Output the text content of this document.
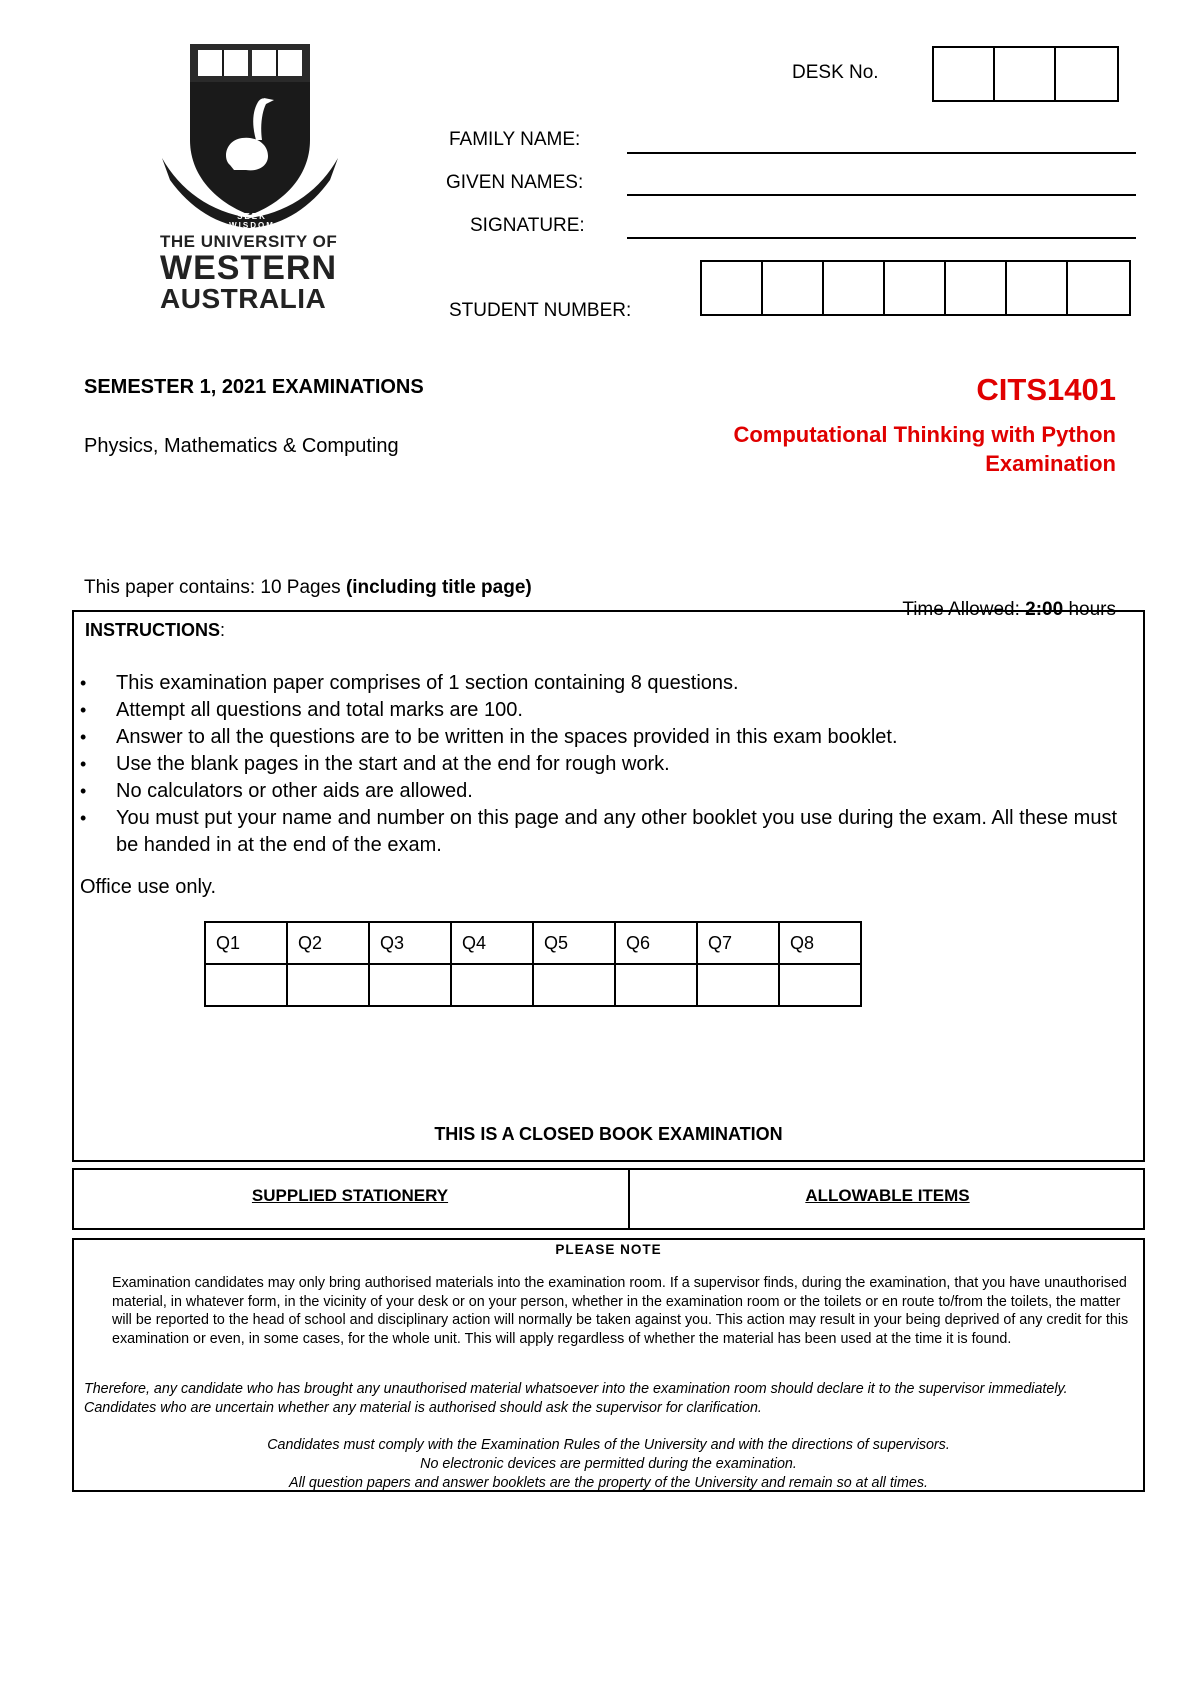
SEEK WISDOM
THE UNIVERSITY OF
WESTERN
AUSTRALIA
DESK No.
FAMILY NAME:
GIVEN NAMES:
SIGNATURE:
STUDENT NUMBER:
SEMESTER 1, 2021 EXAMINATIONS
Physics, Mathematics & Computing
CITS1401
Computational Thinking with Python
Examination
This paper contains: 10 Pages (including title page)

Time Allowed: 2:00 hours

INSTRUCTIONS:
• This examination paper comprises of 1 section containing 8 questions.
• Attempt all questions and total marks are 100.
• Answer to all the questions are to be written in the spaces provided in this exam booklet.
• Use the blank pages in the start and at the end for rough work.
• No calculators or other aids are allowed.
• You must put your name and number on this page and any other booklet you use during the exam. All these must be handed in at the end of the exam.
Office use only.
Q1	Q2	Q3	Q4	Q5	Q6	Q7	Q8

THIS IS A CLOSED BOOK EXAMINATION
SUPPLIED STATIONERY	ALLOWABLE ITEMS
PLEASE NOTE
Examination candidates may only bring authorised materials into the examination room. If a supervisor finds, during the examination, that you have unauthorised material, in whatever form, in the vicinity of your desk or on your person, whether in the examination room or the toilets or en route to/from the toilets, the matter will be reported to the head of school and disciplinary action will normally be taken against you. This action may result in your being deprived of any credit for this examination or even, in some cases, for the whole unit. This will apply regardless of whether the material has been used at the time it is found.
Therefore, any candidate who has brought any unauthorised material whatsoever into the examination room should declare it to the supervisor immediately. Candidates who are uncertain whether any material is authorised should ask the supervisor for clarification.
Candidates must comply with the Examination Rules of the University and with the directions of supervisors.
No electronic devices are permitted during the examination.
All question papers and answer booklets are the property of the University and remain so at all times.
